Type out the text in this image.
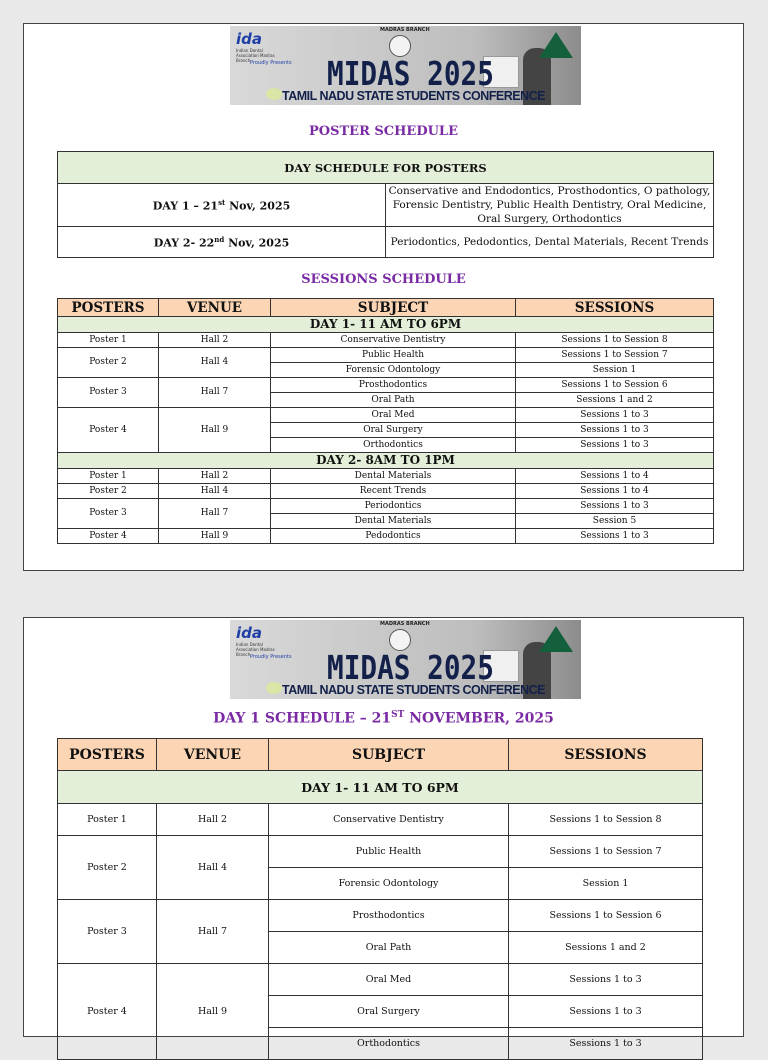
ida
Indian Dental Association Madras Branch Proudly Presents
MADRAS BRANCH
MIDAS 2025
TAMIL NADU STATE STUDENTS CONFERENCE
POSTER SCHEDULE
DAY SCHEDULE FOR POSTERS	
DAY 1 – 21st Nov, 2025	Conservative and Endodontics, Prosthodontics, O pathology, Forensic Dentistry, Public Health Dentistry, Oral Medicine, Oral Surgery, Orthodontics
DAY 2- 22nd Nov, 2025	Periodontics, Pedodontics, Dental Materials, Recent Trends
SESSIONS SCHEDULE
POSTERS	VENUE	SUBJECT	SESSIONS
DAY 1- 11 AM TO 6PM			
Poster 1	Hall 2	Conservative Dentistry	Sessions 1 to Session 8
Poster 2	Hall 4	Public Health	Sessions 1 to Session 7
		Forensic Odontology	Session 1
Poster 3	Hall 7	Prosthodontics	Sessions 1 to Session 6
		Oral Path	Sessions 1 and 2
Poster 4	Hall 9	Oral Med	Sessions 1 to 3
		Oral Surgery	Sessions 1 to 3
		Orthodontics	Sessions 1 to 3
DAY 2- 8AM TO 1PM			
Poster 1	Hall 2	Dental Materials	Sessions 1 to 4
Poster 2	Hall 4	Recent Trends	Sessions 1 to 4
Poster 3	Hall 7	Periodontics	Sessions 1 to 3
		Dental Materials	Session 5
Poster 4	Hall 9	Pedodontics	Sessions 1 to 3
ida
Indian Dental Association Madras Branch Proudly Presents
MADRAS BRANCH
MIDAS 2025
TAMIL NADU STATE STUDENTS CONFERENCE
DAY 1 SCHEDULE – 21ST NOVEMBER, 2025
POSTERS	VENUE	SUBJECT	SESSIONS
DAY 1- 11 AM TO 6PM			
Poster 1	Hall 2	Conservative Dentistry	Sessions 1 to Session 8
Poster 2	Hall 4	Public Health	Sessions 1 to Session 7
		Forensic Odontology	Session 1
Poster 3	Hall 7	Prosthodontics	Sessions 1 to Session 6
		Oral Path	Sessions 1 and 2
Poster 4	Hall 9	Oral Med	Sessions 1 to 3
		Oral Surgery	Sessions 1 to 3
		Orthodontics	Sessions 1 to 3
